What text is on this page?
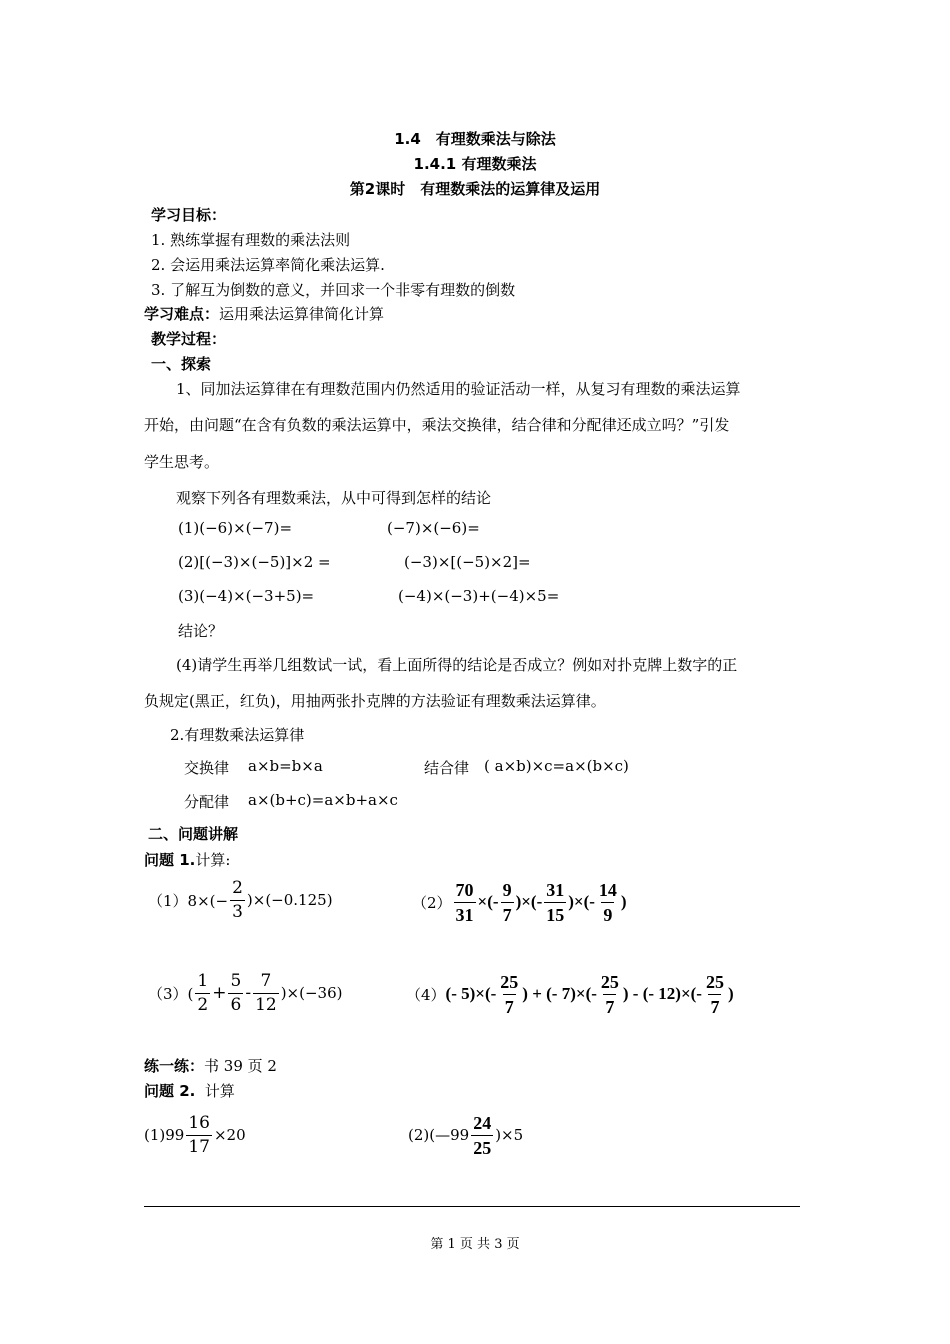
1.4　有理数乘法与除法
1.4.1 有理数乘法
第2课时　有理数乘法的运算律及运用
学习目标：
1. 熟练掌握有理数的乘法法则
2. 会运用乘法运算率简化乘法运算.
3. 了解互为倒数的意义，并回求一个非零有理数的倒数
学习难点：运用乘法运算律简化计算
教学过程：
一、探索
1、同加法运算律在有理数范围内仍然适用的验证活动一样，从复习有理数的乘法运算
开始，由问题“在含有负数的乘法运算中，乘法交换律，结合律和分配律还成立吗？”引发
学生思考。
观察下列各有理数乘法，从中可得到怎样的结论
(1)(−6)×(−7)=	(−7)×(−6)=
(2)[(−3)×(−5)]×2 =	(−3)×[(−5)×2]=
(3)(−4)×(−3+5)=	(−4)×(−3)+(−4)×5=
结论？
(4)请学生再举几组数试一试，看上面所得的结论是否成立？例如对扑克牌上数字的正
负规定(黑正，红负)，用抽两张扑克牌的方法验证有理数乘法运算律。
2.有理数乘法运算律
交换律 a×b=b×a	结合律 ( a×b)×c=a×(b×c)
分配律 a×(b+c)=a×b+a×c
二、问题讲解
问题 1.计算:
$(1)8\times(- \frac{2}{3} )\times(-0.125)$	$(2) \frac{70}{31}$ ×(- $\frac{9}{7}$ )×(- $\frac{31}{15}$ )×(- $\frac{14}{9}$ )
$(3)( \frac{1}{2} + \frac{5}{6} - \frac{7}{12} )\times(-36)$	（4） (- $5)\times(- \frac{25}{7}$ ) + (- $7)\times(- \frac{25}{7}$ ) - (- $12)\times(- \frac{25}{7}$ )
练一练：书 39 页 2
问题 2. 计算
$(1)99 \frac{16}{17} \times 20$	(2)(—99 $\frac{24}{25} )\times 5$
第 1 页 共 3 页
